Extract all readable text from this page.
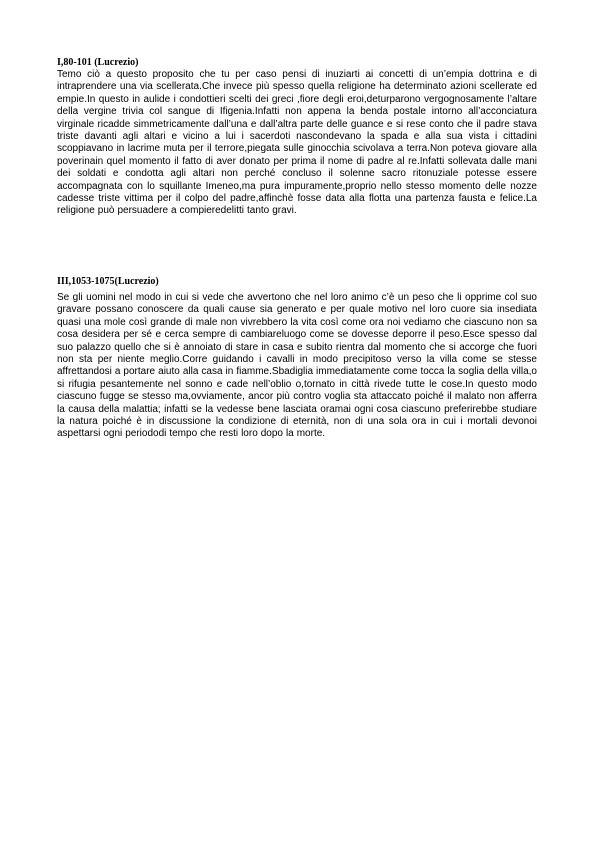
I,80-101 (Lucrezio)

Temo ciò a questo proposito che tu per caso pensi di inuziarti ai concetti di un’empia dottrina e di intraprendere una via scellerata.Che invece più spesso quella religione ha determinato azioni scellerate ed empie.In questo in aulide i condottieri scelti dei greci ,fiore degli eroi,deturparono vergognosamente l’altare della vergine trivia col sangue di Ifigenia.Infatti non appena la benda postale intorno all’acconciatura virginale ricadde simmetricamente dall’una e dall’altra parte delle guance e si rese conto che il padre stava triste davanti agli altari e vicino a lui i sacerdoti nascondevano la spada e alla sua vista i cittadini scoppiavano in lacrime muta per il terrore,piegata sulle ginocchia scivolava a terra.Non poteva giovare alla poverinain quel momento il fatto di aver donato per prima il nome di padre al re.Infatti sollevata dalle mani dei soldati e condotta agli altari non perché concluso il solenne sacro ritonuziale potesse essere accompagnata con lo squillante Imeneo,ma pura impuramente,proprio nello stesso momento delle nozze cadesse triste vittima per il colpo del padre,affinchè fosse data alla flotta una partenza fausta e felice.La religione può persuadere a compieredelitti tanto gravi.

III,1053-1075(Lucrezio)

Se gli uomini nel modo in cui si vede che avvertono che nel loro animo c’è un peso che li opprime col suo gravare possano conoscere da quali cause sia generato e per quale motivo nel loro cuore sia insediata quasi una mole così grande di male non vivrebbero la vita così come ora noi vediamo che ciascuno non sa cosa desidera per sé e cerca sempre di cambiareluogo come se dovesse deporre il peso.Esce spesso dal suo palazzo quello che si è annoiato di stare in casa e subito rientra dal momento che si accorge che fuori non sta per niente meglio.Corre guidando i cavalli in modo precipitoso verso la villa come se stesse affrettandosi a portare aiuto alla casa in fiamme.Sbadiglia immediatamente come tocca la soglia della villa,o si rifugia pesantemente nel sonno e cade nell’oblio o,tornato in città rivede tutte le cose.In questo modo ciascuno fugge se stesso ma,ovviamente, ancor più contro voglia sta attaccato poiché il malato non afferra la causa della malattia; infatti se la vedesse bene lasciata oramai ogni cosa ciascuno preferirebbe studiare la natura poiché è in discussione la condizione di eternità, non di una sola ora in cui i mortali devonoi aspettarsi ogni periododi tempo che resti loro dopo la morte.
